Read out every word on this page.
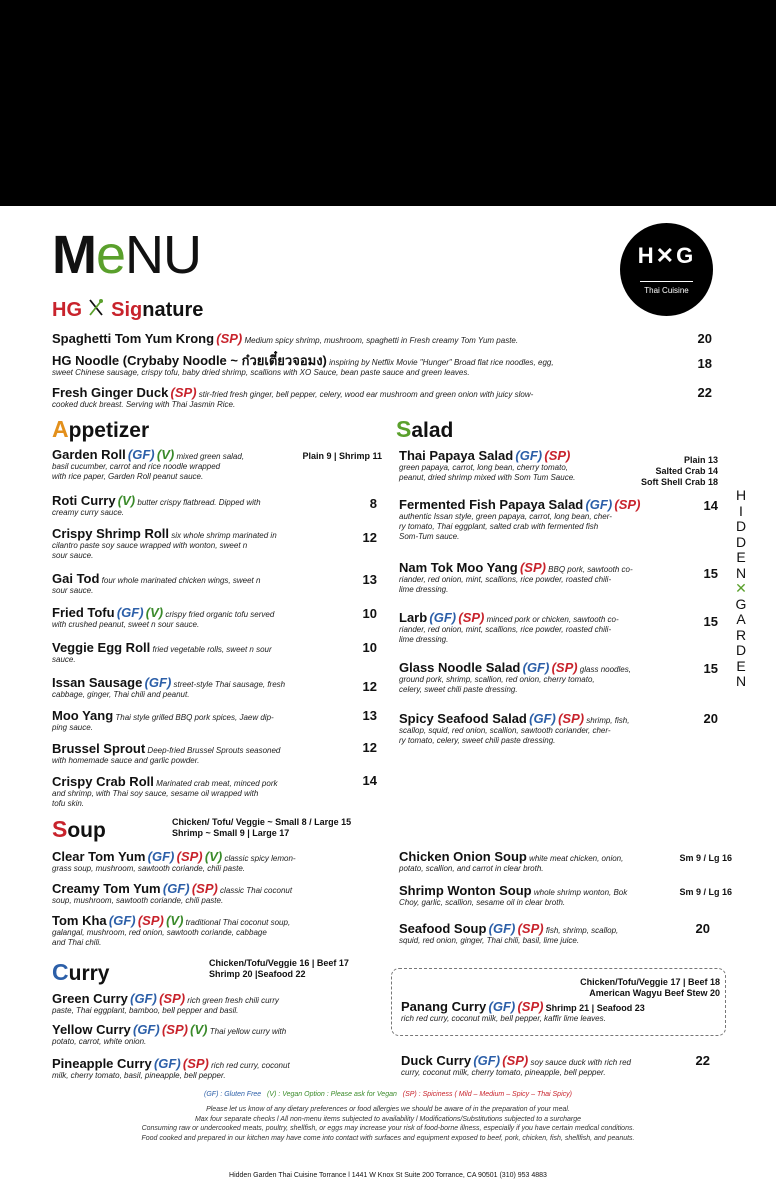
MeNU	H✕G
Thai Cuisine
HG Signature
Spaghetti Tom Yum Krong (SP) Medium spicy shrimp, mushroom, spaghetti in Fresh creamy Tom Yum paste.	20
HG Noodle (Crybaby Noodle ~ ก๋วยเตี๋ยวจอมง) inspiring by Netflix Movie "Hunger" Broad flat rice noodles, egg,
sweet Chinese sausage, crispy tofu, baby dried shrimp, scallions with XO Sauce, bean paste sauce and green leaves.
18
Fresh Ginger Duck (SP) stir-fried fresh ginger, bell pepper, celery, wood ear mushroom and green onion with juicy slow-
cooked duck breast. Serving with Thai Jasmin Rice.
22
Appetizer
Garden Roll (GF) (V) mixed green salad,
basil cucumber, carrot and rice noodle wrapped
with rice paper, Garden Roll peanut sauce.
Plain 9 | Shrimp 11
Roti Curry (V) butter crispy flatbread. Dipped with
creamy curry sauce.
8
Crispy Shrimp Roll six whole shrimp marinated in
cilantro paste soy sauce wrapped with wonton, sweet n
sour sauce.
12
Gai Tod four whole marinated chicken wings, sweet n
sour sauce.
13
Fried Tofu (GF) (V) crispy fried organic tofu served
with crushed peanut, sweet n sour sauce.
10
Veggie Egg Roll fried vegetable rolls, sweet n sour
sauce.
10
Issan Sausage (GF) street-style Thai sausage, fresh
cabbage, ginger, Thai chili and peanut.
12
Moo Yang Thai style grilled BBQ pork spices, Jaew dip-
ping sauce.
13
Brussel Sprout Deep-fried Brussel Sprouts seasoned
with homemade sauce and garlic powder.
12
Crispy Crab Roll Marinated crab meat, minced pork
and shrimp, with Thai soy sauce, sesame oil wrapped with
tofu skin.
14
Salad
Thai Papaya Salad (GF) (SP)
green papaya, carrot, long bean, cherry tomato,
peanut, dried shrimp mixed with Som Tum Sauce.
Plain 13
Salted Crab 14
Soft Shell Crab 18
Fermented Fish Papaya Salad (GF) (SP)
authentic Issan style, green papaya, carrot, long bean, cher-
ry tomato, Thai eggplant, salted crab with fermented fish
Som-Tum sauce.
14
Nam Tok Moo Yang (SP) BBQ pork, sawtooth co-
riander, red onion, mint, scallions, rice powder, roasted chili-
lime dressing.
15
Larb (GF) (SP) minced pork or chicken, sawtooth co-
riander, red onion, mint, scallions, rice powder, roasted chili-
lime dressing.
15
Glass Noodle Salad (GF) (SP) glass noodles,
ground pork, shrimp, scallion, red onion, cherry tomato,
celery, sweet chili paste dressing.
15
Spicy Seafood Salad (GF) (SP) shrimp, fish,
scallop, squid, red onion, scallion, sawtooth coriander, cher-
ry tomato, celery, sweet chili paste dressing.
20
H
I
D
D
E
N
✕
G
A
R
D
E
N
Soup	Chicken/ Tofu/ Veggie ~ Small 8 / Large 15
Shrimp ~ Small 9 | Large 17
Clear Tom Yum (GF) (SP) (V) classic spicy lemon-
grass soup, mushroom, sawtooth coriande, chili paste.
Creamy Tom Yum (GF) (SP) classic Thai coconut
soup, mushroom, sawtooth coriande, chili paste.
Tom Kha (GF) (SP) (V) traditional Thai coconut soup,
galangal, mushroom, red onion, sawtooth coriande, cabbage
and Thai chili.
Chicken Onion Soup white meat chicken, onion,
potato, scallion, and carrot in clear broth.
Sm 9 / Lg 16
Shrimp Wonton Soup whole shrimp wonton, Bok
Choy, garlic, scallion, sesame oil in clear broth.
Sm 9 / Lg 16
Seafood Soup (GF) (SP) fish, shrimp, scallop,
squid, red onion, ginger, Thai chili, basil, lime juice.
20
Curry	Chicken/Tofu/Veggie 16 | Beef 17
Shrimp 20 |Seafood 22
Green Curry (GF) (SP) rich green fresh chili curry
paste, Thai eggplant, bamboo, bell pepper and basil.
Yellow Curry (GF) (SP) (V) Thai yellow curry with
potato, carrot, white onion.
Pineapple Curry (GF) (SP) rich red curry, coconut
milk, cherry tomato, basil, pineapple, bell pepper.
Chicken/Tofu/Veggie 17 | Beef 18
American Wagyu Beef Stew 20
Panang Curry (GF) (SP) Shrimp 21 | Seafood 23
rich red curry, coconut milk, bell pepper, kaffir lime leaves.
Duck Curry (GF) (SP) soy sauce duck with rich red
curry, coconut milk, cherry tomato, pineapple, bell pepper.
22
(GF) : Gluten Free (V) : Vegan Option : Please ask for Vegan (SP) : Spiciness ( Mild – Medium – Spicy – Thai Spicy)
Please let us know of any dietary preferences or food allergies we should be aware of in the preparation of your meal.
Max four separate checks l All non-menu items subjected to availability l Modifications/Substitutions subjected to a surcharge
Consuming raw or undercooked meats, poultry, shellfish, or eggs may increase your risk of food-borne illness, especially if you have certain medical conditions.
Food cooked and prepared in our kitchen may have come into contact with surfaces and equipment exposed to beef, pork, chicken, fish, shellfish, and peanuts.
Hidden Garden Thai Cuisine Torrance l 1441 W Knox St Suite 200 Torrance, CA 90501 (310) 953 4883
